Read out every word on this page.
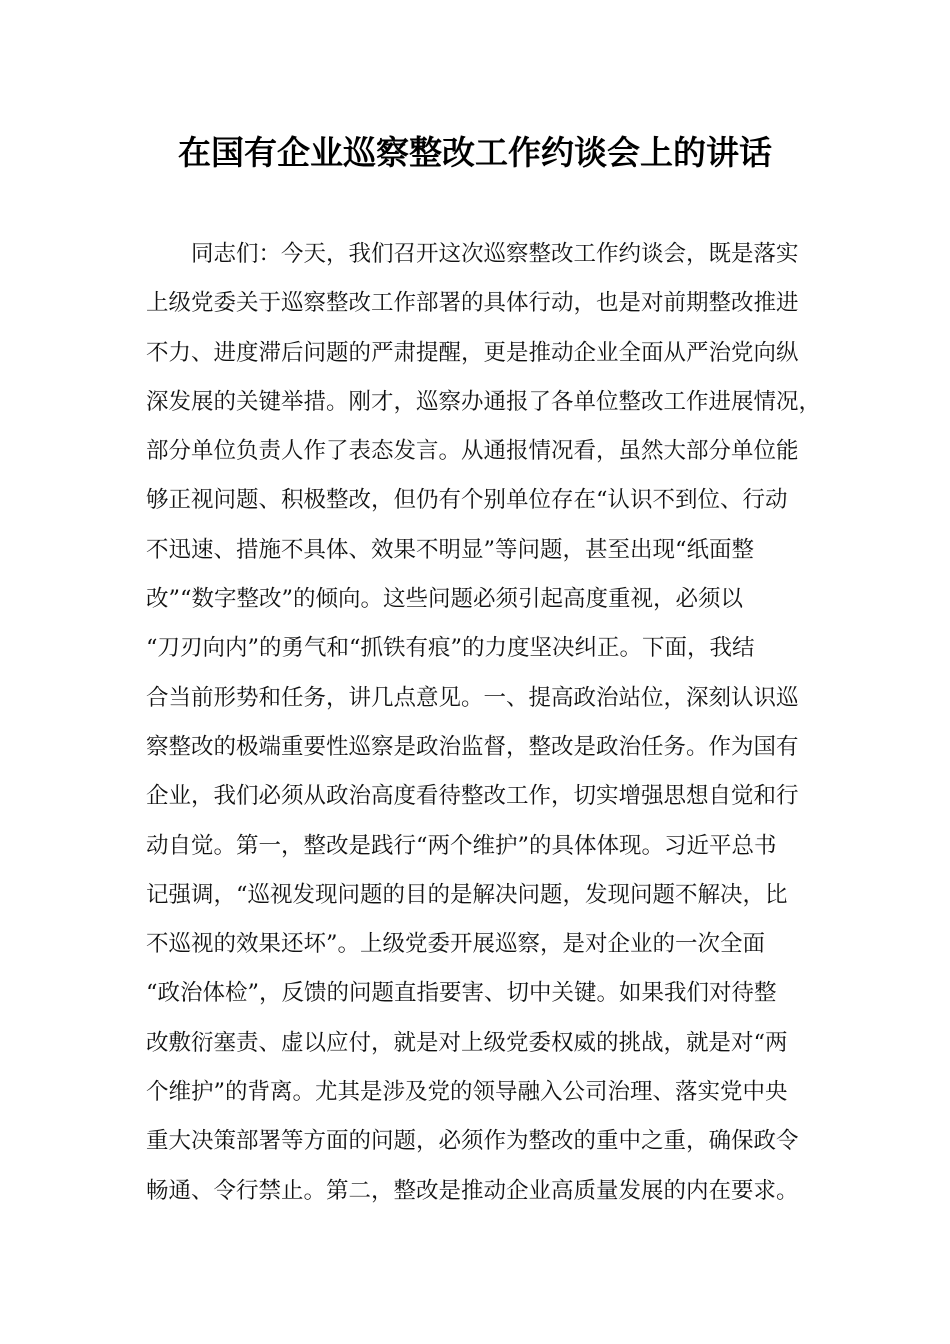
在国有企业巡察整改工作约谈会上的讲话
同志们：今天，我们召开这次巡察整改工作约谈会，既是落实
上级党委关于巡察整改工作部署的具体行动，也是对前期整改推进
不力、进度滞后问题的严肃提醒，更是推动企业全面从严治党向纵
深发展的关键举措。刚才，巡察办通报了各单位整改工作进展情况，
部分单位负责人作了表态发言。从通报情况看，虽然大部分单位能
够正视问题、积极整改，但仍有个别单位存在“认识不到位、行动
不迅速、措施不具体、效果不明显”等问题，甚至出现“纸面整
改”“数字整改”的倾向。这些问题必须引起高度重视，必须以
“刀刃向内”的勇气和“抓铁有痕”的力度坚决纠正。下面，我结
合当前形势和任务，讲几点意见。一、提高政治站位，深刻认识巡
察整改的极端重要性巡察是政治监督，整改是政治任务。作为国有
企业，我们必须从政治高度看待整改工作，切实增强思想自觉和行
动自觉。第一，整改是践行“两个维护”的具体体现。习近平总书
记强调，“巡视发现问题的目的是解决问题，发现问题不解决，比
不巡视的效果还坏”。上级党委开展巡察，是对企业的一次全面
“政治体检”，反馈的问题直指要害、切中关键。如果我们对待整
改敷衍塞责、虚以应付，就是对上级党委权威的挑战，就是对“两
个维护”的背离。尤其是涉及党的领导融入公司治理、落实党中央
重大决策部署等方面的问题，必须作为整改的重中之重，确保政令
畅通、令行禁止。第二，整改是推动企业高质量发展的内在要求。
